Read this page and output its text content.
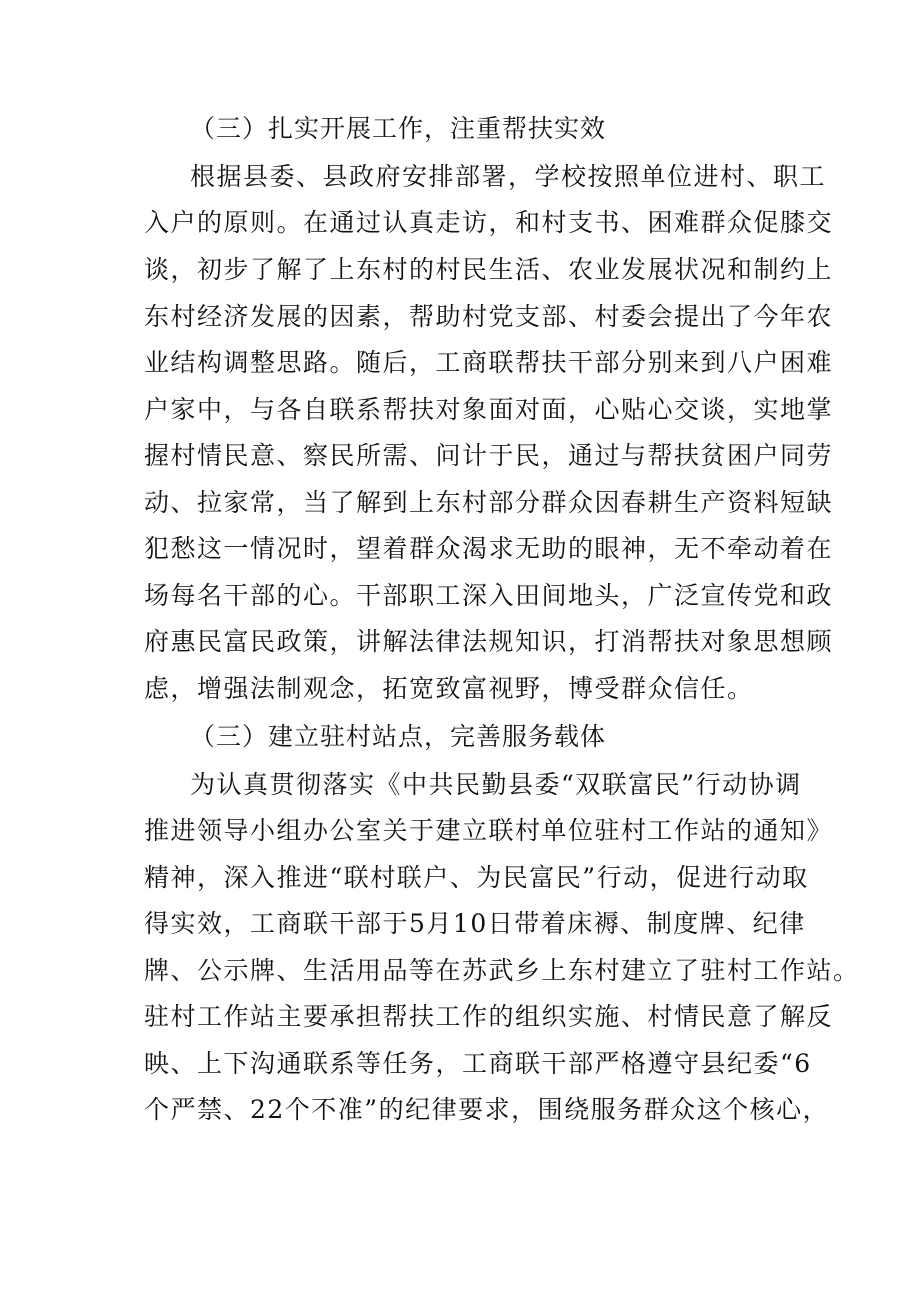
（三）扎实开展工作，注重帮扶实效
根据县委、县政府安排部署，学校按照单位进村、职工
入户的原则。在通过认真走访，和村支书、困难群众促膝交
谈，初步了解了上东村的村民生活、农业发展状况和制约上
东村经济发展的因素，帮助村党支部、村委会提出了今年农
业结构调整思路。随后，工商联帮扶干部分别来到八户困难
户家中，与各自联系帮扶对象面对面，心贴心交谈，实地掌
握村情民意、察民所需、问计于民，通过与帮扶贫困户同劳
动、拉家常，当了解到上东村部分群众因春耕生产资料短缺
犯愁这一情况时，望着群众渴求无助的眼神，无不牵动着在
场每名干部的心。干部职工深入田间地头，广泛宣传党和政
府惠民富民政策，讲解法律法规知识，打消帮扶对象思想顾
虑，增强法制观念，拓宽致富视野，博受群众信任。
（三）建立驻村站点，完善服务载体
为认真贯彻落实《中共民勤县委“双联富民”行动协调
推进领导小组办公室关于建立联村单位驻村工作站的通知》
精神，深入推进“联村联户、为民富民”行动，促进行动取
得实效，工商联干部于5月10日带着床褥、制度牌、纪律
牌、公示牌、生活用品等在苏武乡上东村建立了驻村工作站。
驻村工作站主要承担帮扶工作的组织实施、村情民意了解反
映、上下沟通联系等任务，工商联干部严格遵守县纪委“6
个严禁、22个不准”的纪律要求，围绕服务群众这个核心，
